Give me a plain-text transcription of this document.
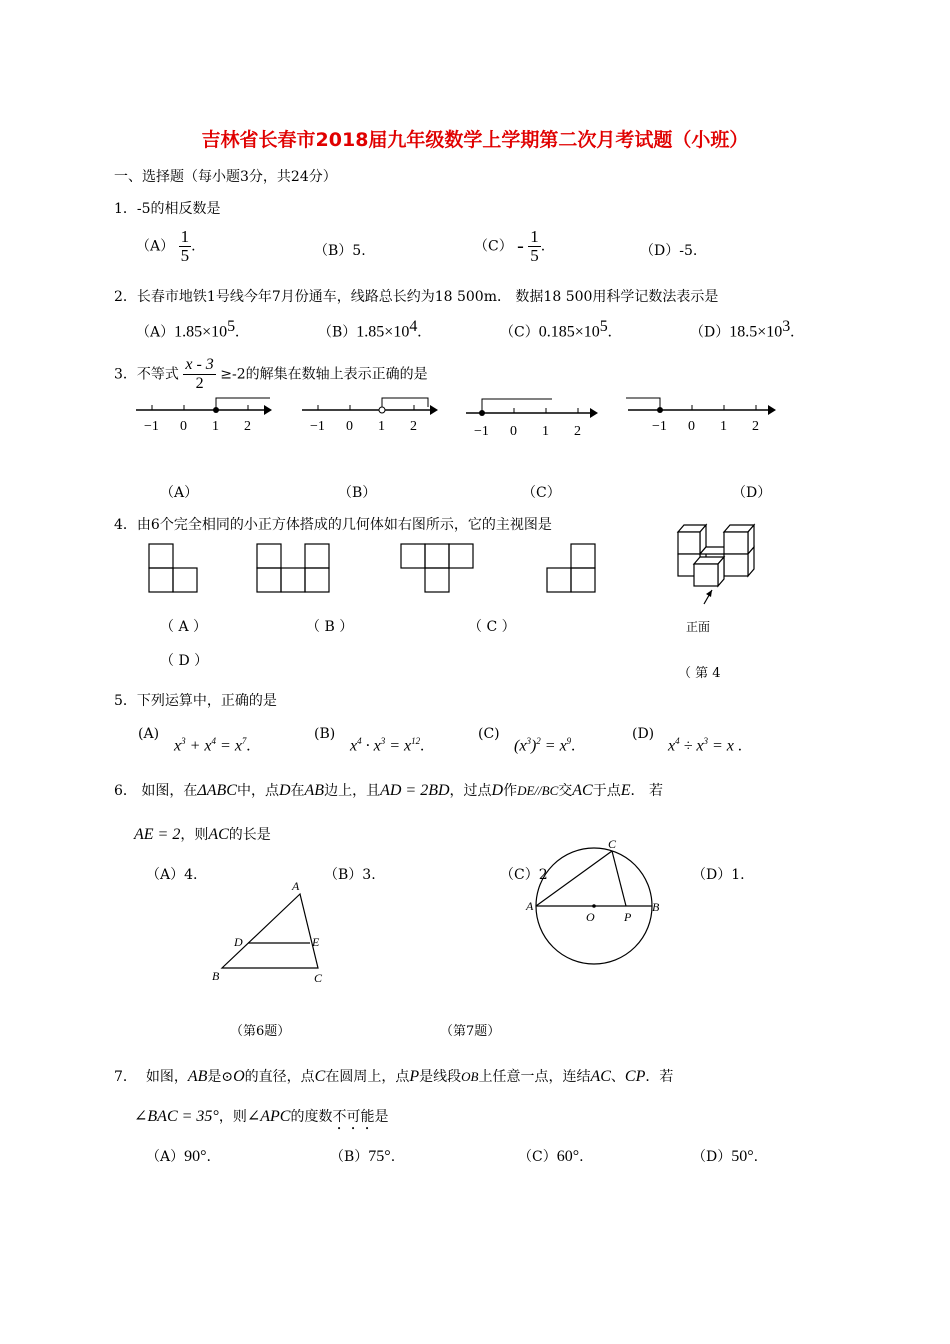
吉林省长春市2018届九年级数学上学期第二次月考试题（小班）
一、选择题（每小题3分，共24分）
1．-5的相反数是
$(A) \frac{1}{5}$ .	（B）5.	$(C) - \frac{1}{5}$ .	（D）-5.
2．长春市地铁1号线今年7月份通车，线路总长约为18 500m． 数据18 500用科学记数法表示是
$(A)1.85\times 10^5$.	$(B)1.85\times 10^4$.	$(C)0.185\times 10^5$.	$(D)18.5\times 10^3$.
3．不等式 $\frac{x - 3}{2} \ge-2$的解集在数轴上表示正确的是
−1 0 1 2	−1 0 1 2	−1 0 1 2	−1 0 1 2
（A）	（B）	（C）	（D）
4．由6个完全相同的小正方体搭成的几何体如右图所示，它的主视图是
正面
（ A ）	（ B ）	（ C ）
（ D ）
（ 第 4
5．下列运算中，正确的是
(A)
$x^3 + x^4 = x^7$.
(B)
$x^4 \cdot x^3 = x^{12}$.
(C)
$(x^3)^2 = x^9$.
(D)
$x^4 \div x^3 = x$ .
6． 如图，在ΔABC中，点D在AB边上，且AD = 2BD，过点D作DE//BC交AC于点E． 若
AE = 2，则AC的长是
（A）4.	（B）3.	（C）2	（D）1.
A
D	E
B	C
C
A
O P
B
（第6题）	（第7题）
7． 如图，AB是⊙O的直径，点C在圆周上，点P是线段OB上任意一点，连结AC、CP．若
∠BAC = 35°，则∠APC的度数不可能是
（A）90°.	（B）75°.	（C）60°.	（D）50°.
